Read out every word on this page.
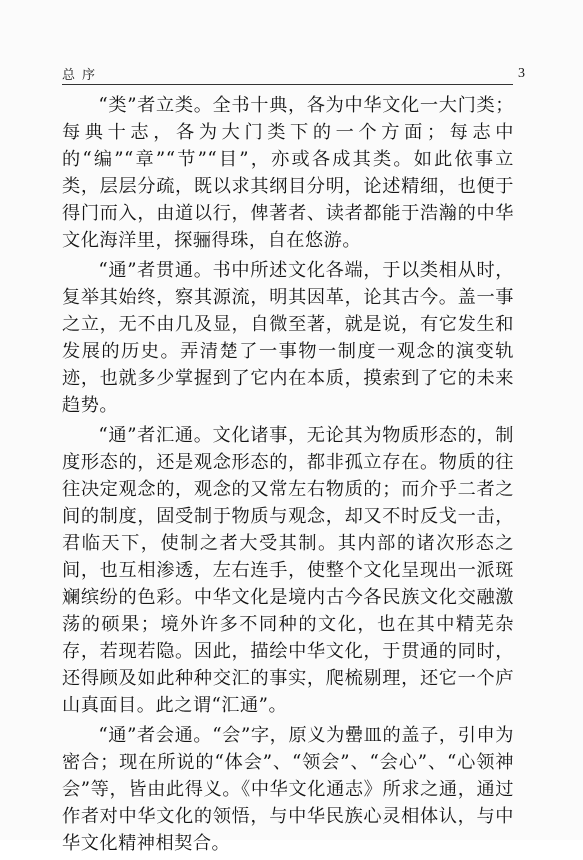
总序	3

“类”者立类。全书十典，各为中华文化一大门类；每典十志，各为大门类下的一个方面；每志中的“编”“章”“节”“目”，亦或各成其类。如此依事立类，层层分疏，既以求其纲目分明，论述精细，也便于得门而入，由道以行，俾著者、读者都能于浩瀚的中华文化海洋里，探骊得珠，自在悠游。

“通”者贯通。书中所述文化各端，于以类相从时，复举其始终，察其源流，明其因革，论其古今。盖一事之立，无不由几及显，自微至著，就是说，有它发生和发展的历史。弄清楚了一事物一制度一观念的演变轨迹，也就多少掌握到了它内在本质，摸索到了它的未来趋势。

“通”者汇通。文化诸事，无论其为物质形态的，制度形态的，还是观念形态的，都非孤立存在。物质的往往决定观念的，观念的又常左右物质的；而介乎二者之间的制度，固受制于物质与观念，却又不时反戈一击，君临天下，使制之者大受其制。其内部的诸次形态之间，也互相渗透，左右连手，使整个文化呈现出一派斑斓缤纷的色彩。中华文化是境内古今各民族文化交融激荡的硕果；境外许多不同种的文化，也在其中精芜杂存，若现若隐。因此，描绘中华文化，于贯通的同时，还得顾及如此种种交汇的事实，爬梳剔理，还它一个庐山真面目。此之谓“汇通”。

“通”者会通。“会”字，原义为罍皿的盖子，引申为密合；现在所说的“体会”、“领会”、“会心”、“心领神会”等，皆由此得义。《中华文化通志》所求之通，通过作者对中华文化的领悟，与中华民族心灵相体认，与中华文化精神相契合。
